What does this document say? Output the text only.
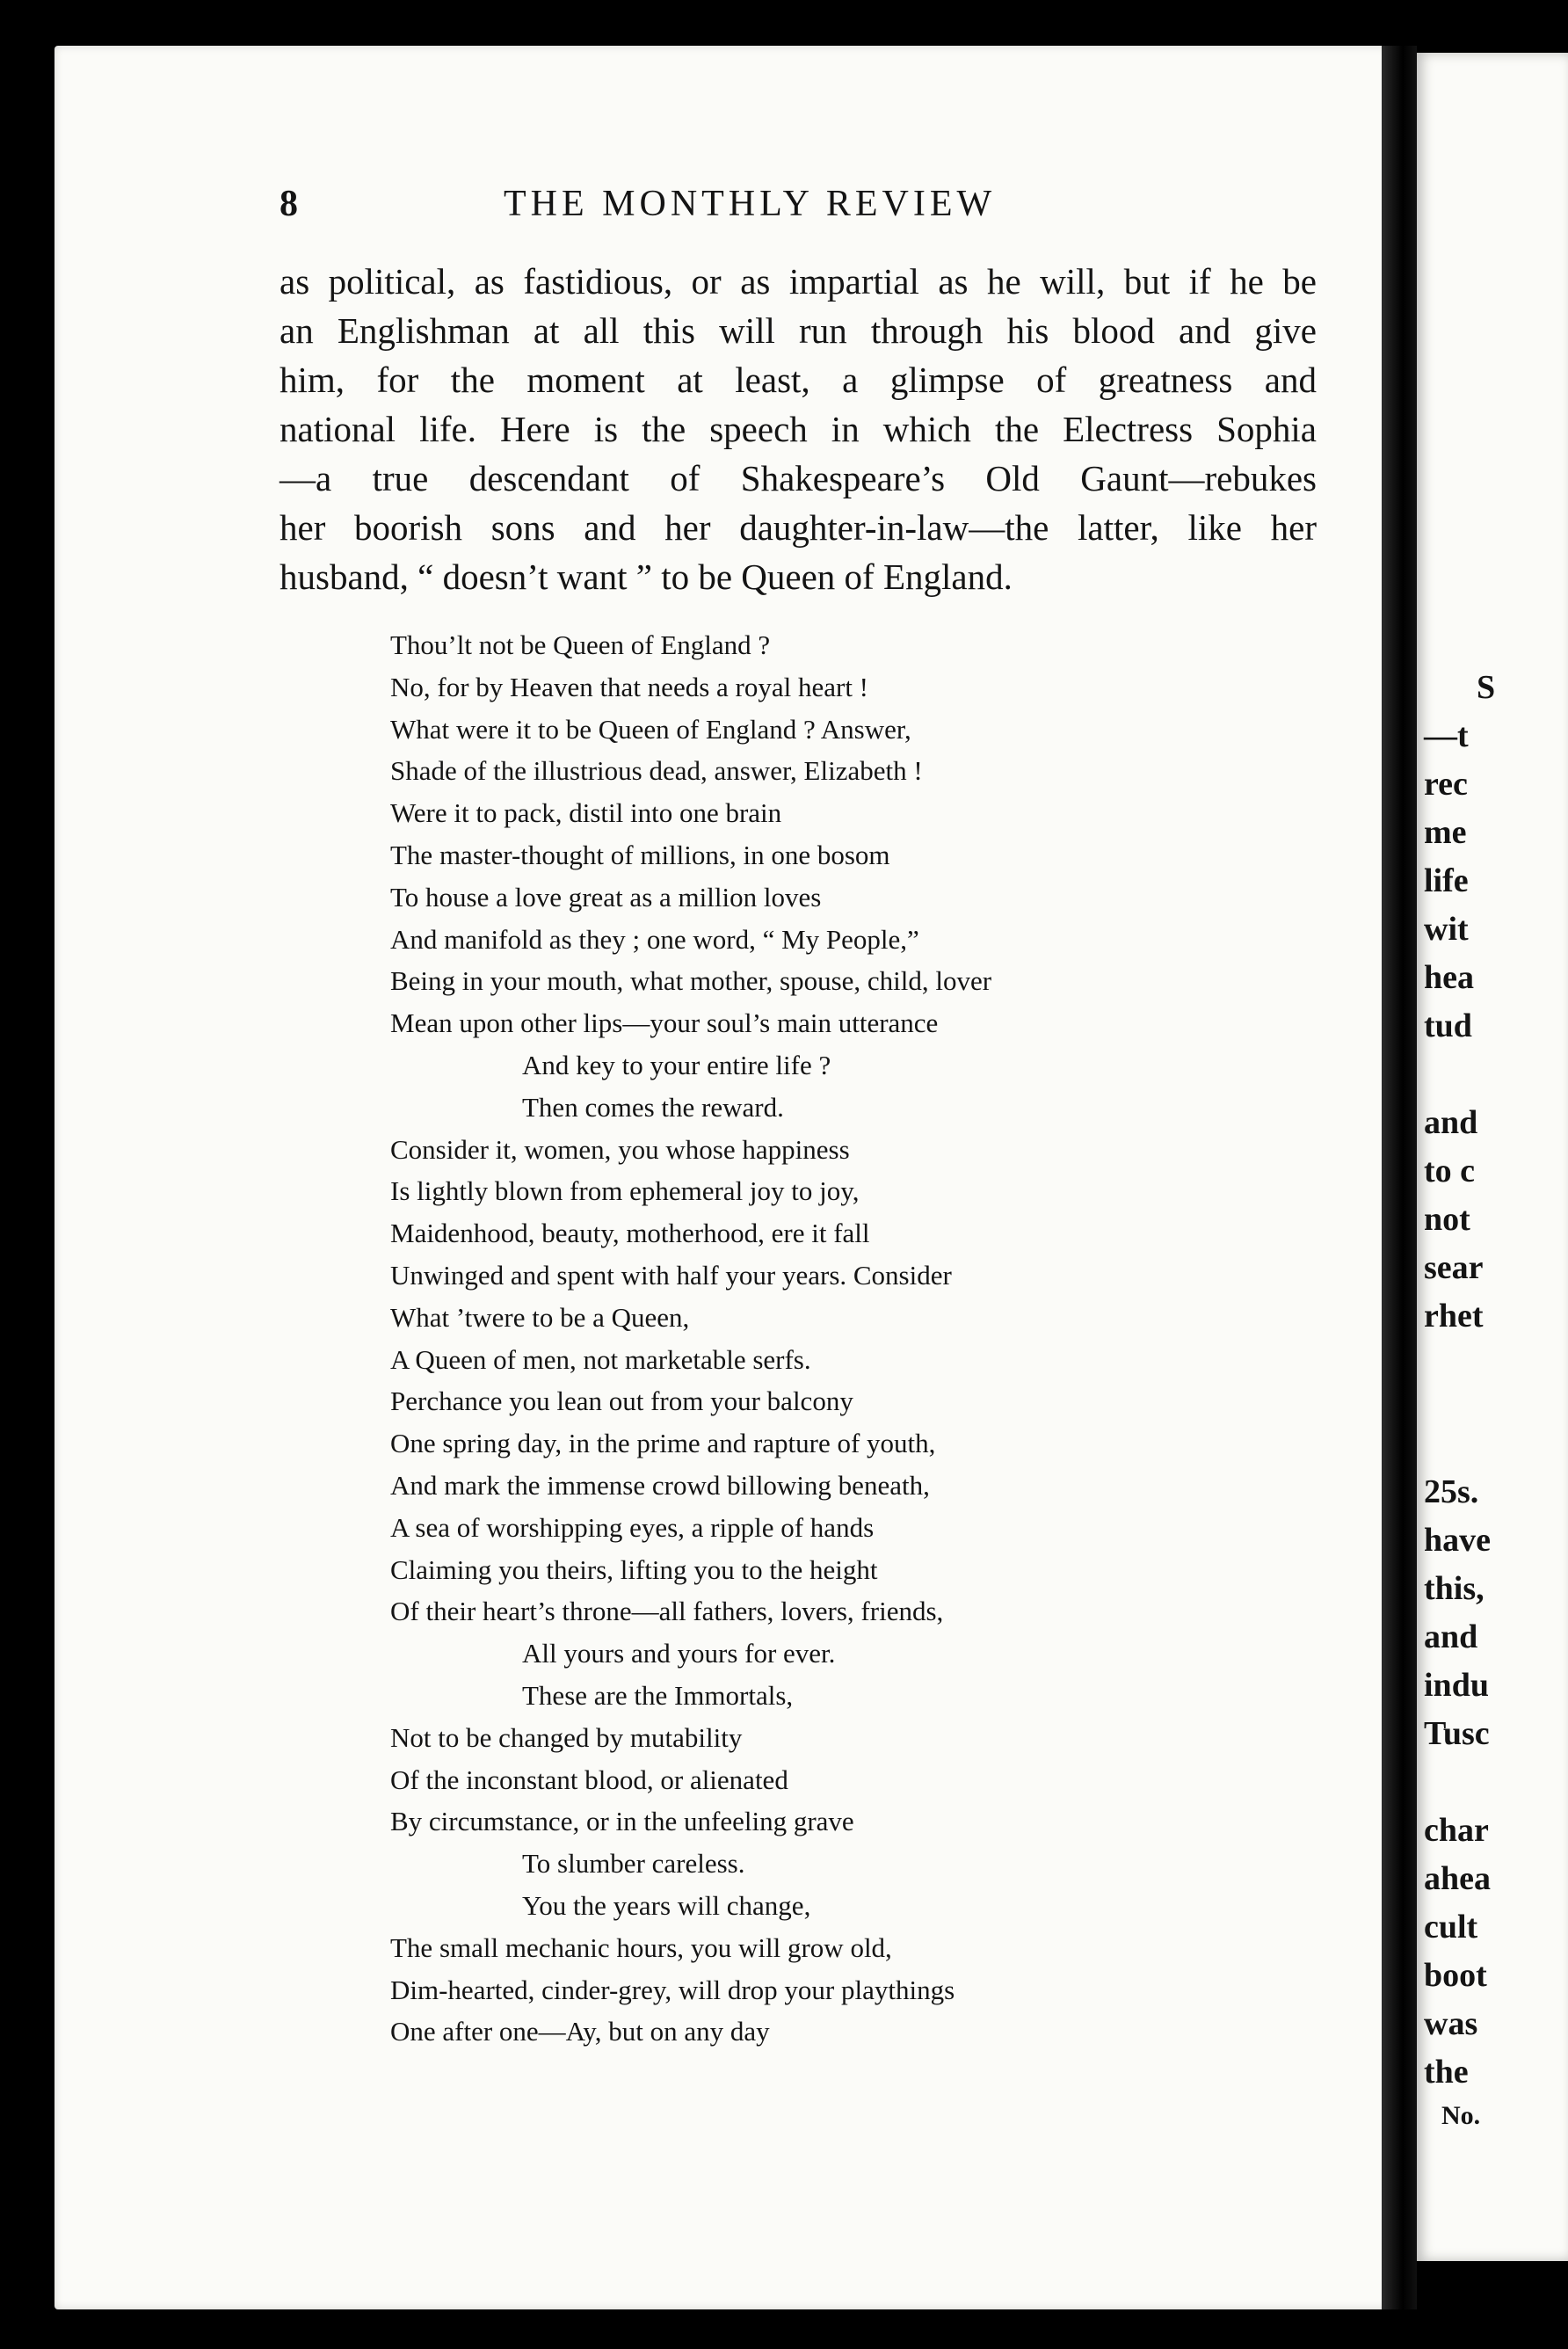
8	THE MONTHLY REVIEW
as political, as fastidious, or as impartial as he will, but if he be
an Englishman at all this will run through his blood and give
him, for the moment at least, a glimpse of greatness and
national life. Here is the speech in which the Electress Sophia
—a true descendant of Shakespeare’s Old Gaunt—rebukes
her boorish sons and her daughter-in-law—the latter, like her
husband, “ doesn’t want ” to be Queen of England.
Thou’lt not be Queen of England ?
No, for by Heaven that needs a royal heart !
What were it to be Queen of England ? Answer,
Shade of the illustrious dead, answer, Elizabeth !
Were it to pack, distil into one brain
The master-thought of millions, in one bosom
To house a love great as a million loves
And manifold as they ; one word, “ My People,”
Being in your mouth, what mother, spouse, child, lover
Mean upon other lips—your soul’s main utterance
And key to your entire life ?
Then comes the reward.
Consider it, women, you whose happiness
Is lightly blown from ephemeral joy to joy,
Maidenhood, beauty, motherhood, ere it fall
Unwinged and spent with half your years. Consider
What ’twere to be a Queen,
A Queen of men, not marketable serfs.
Perchance you lean out from your balcony
One spring day, in the prime and rapture of youth,
And mark the immense crowd billowing beneath,
A sea of worshipping eyes, a ripple of hands
Claiming you theirs, lifting you to the height
Of their heart’s throne—all fathers, lovers, friends,
All yours and yours for ever.
These are the Immortals,
Not to be changed by mutability
Of the inconstant blood, or alienated
By circumstance, or in the unfeeling grave
To slumber careless.
You the years will change,
The small mechanic hours, you will grow old,
Dim-hearted, cinder-grey, will drop your playthings
One after one—Ay, but on any day
S
—t
rec
me
life
wit
hea
tud
and
to c
not
sear
rhet
25s.
have
this,
and
indu
Tusc
char
ahea
cult
boot
was
the
No.
